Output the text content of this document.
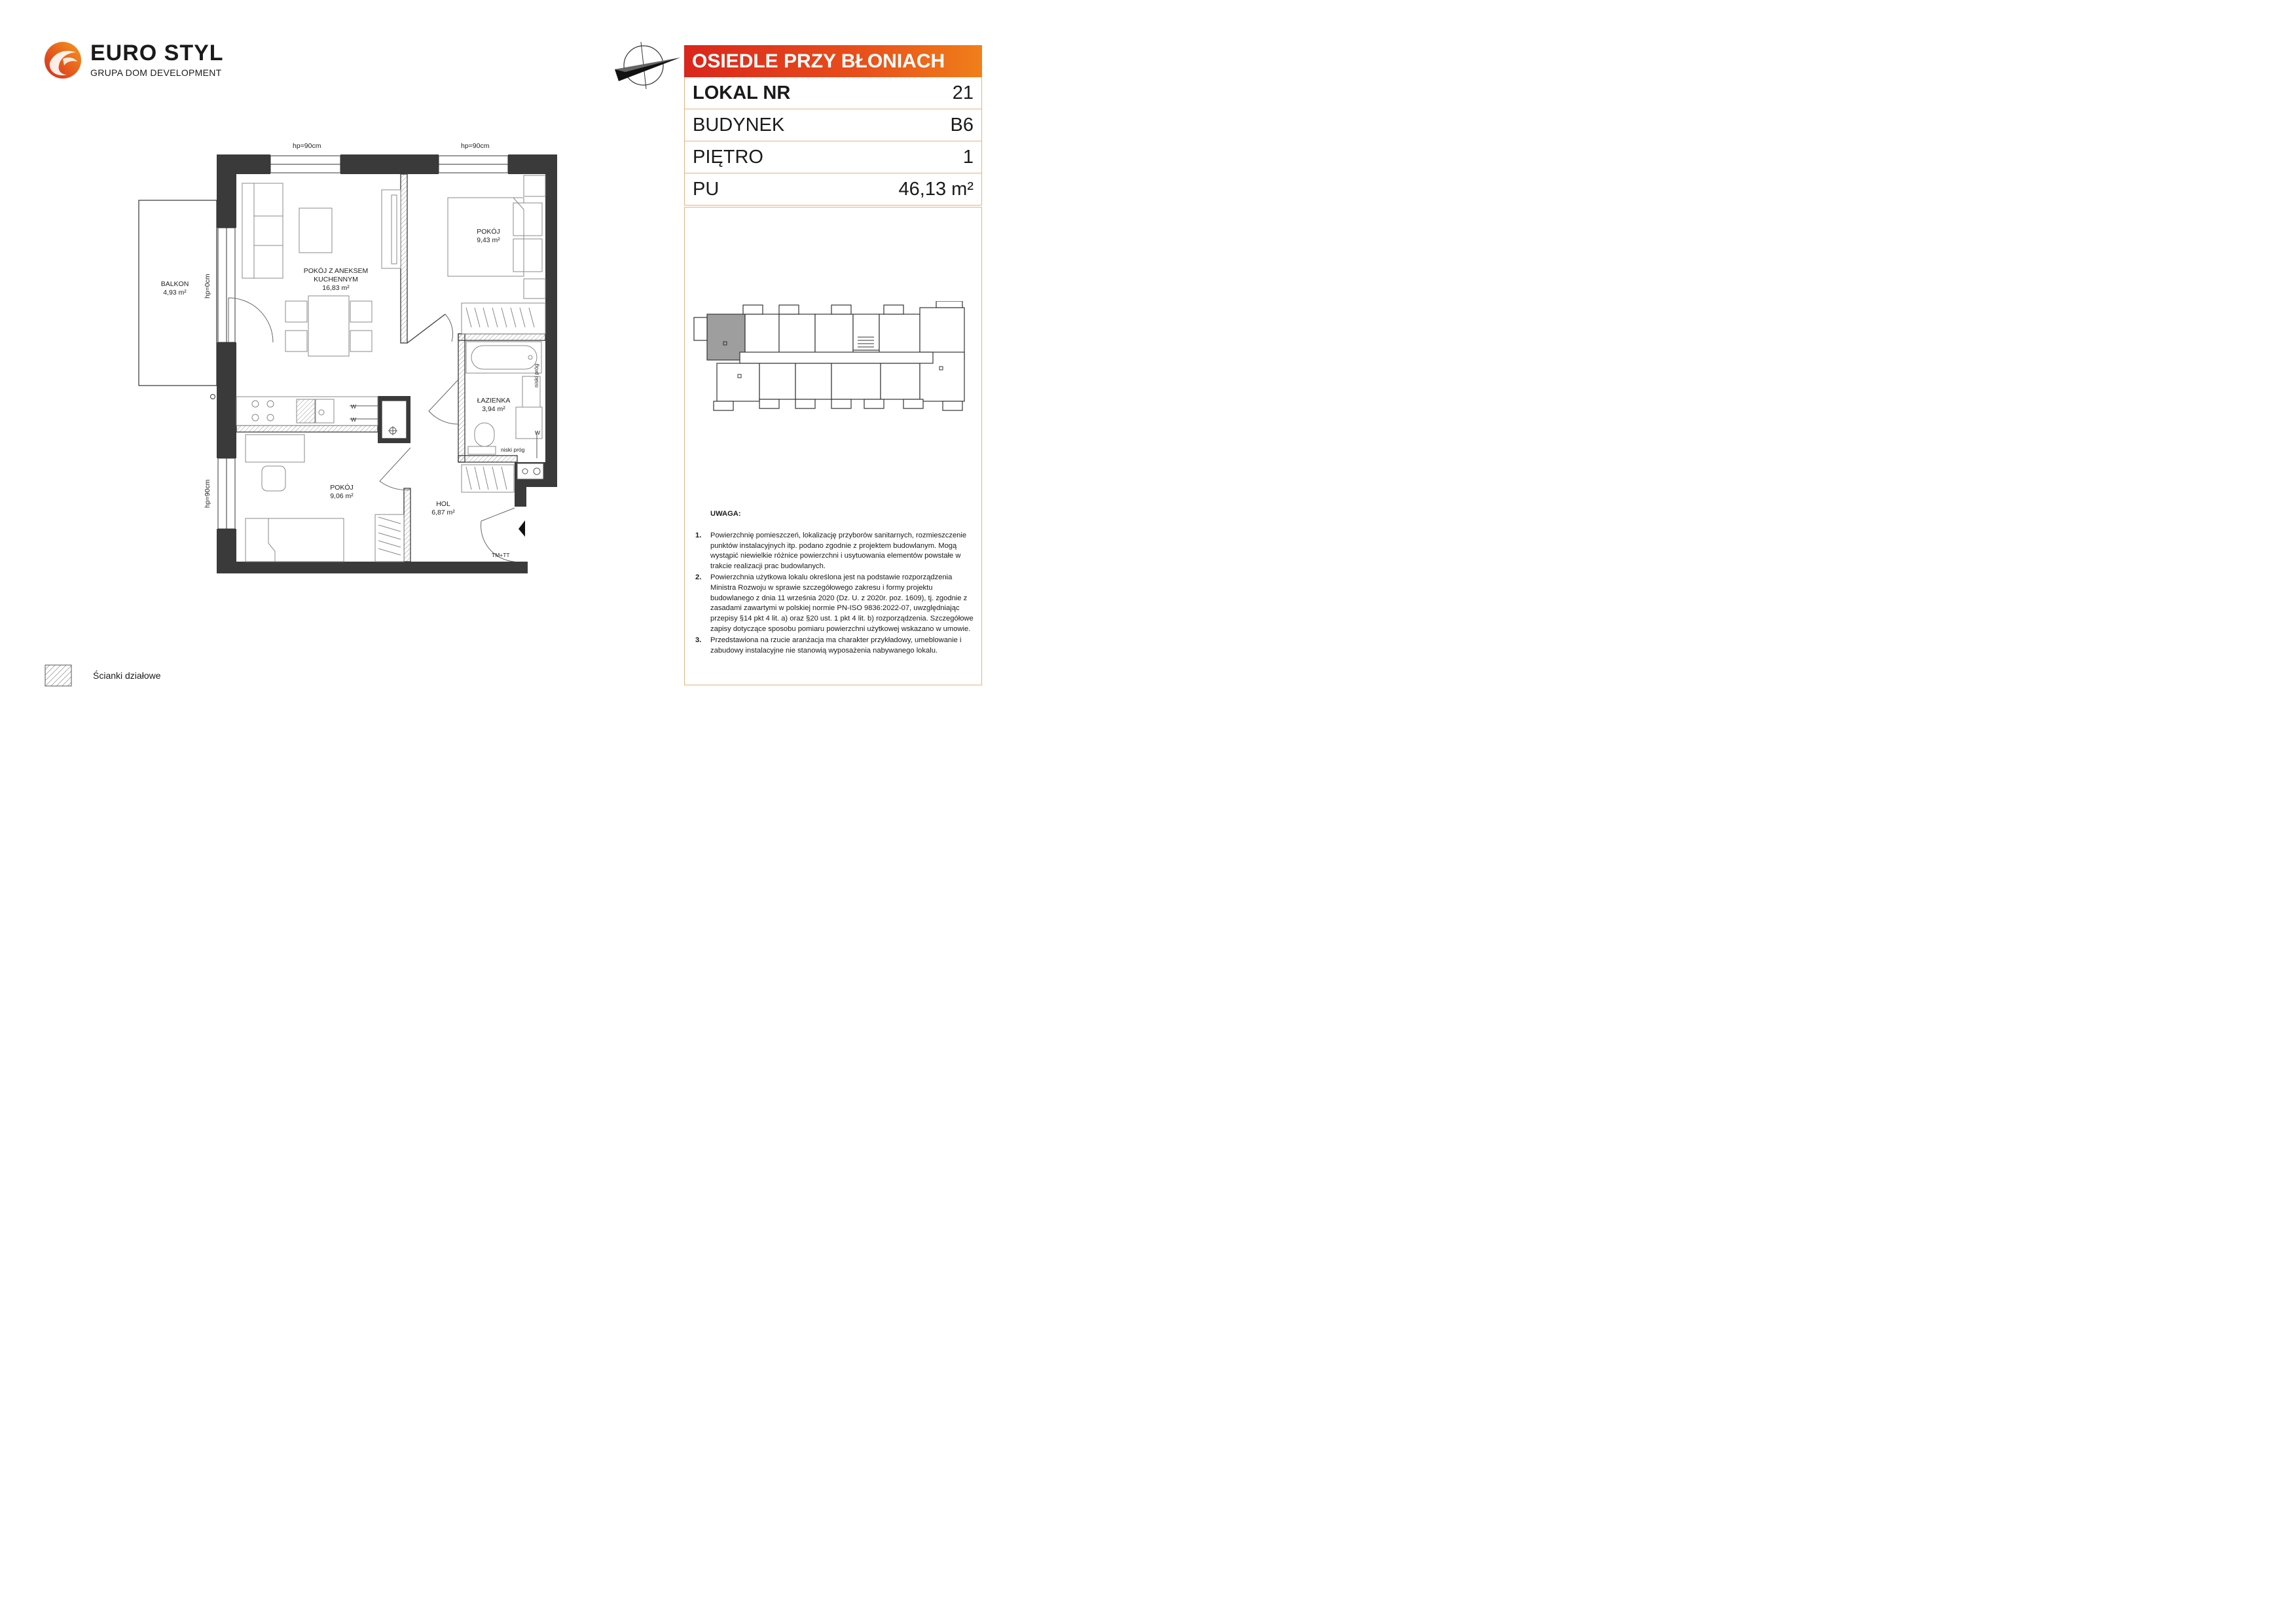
EURO STYL
GRUPA DOM DEVELOPMENT
OSIEDLE PRZY BŁONIACH
LOKAL NR	21
BUDYNEK	B6
PIĘTRO	1
PU	46,13 m²
UWAGA:
1.	Powierzchnię pomieszczeń, lokalizację przyborów sanitarnych, rozmieszczenie punktów instalacyjnych itp. podano zgodnie z projektem budowlanym. Mogą wystąpić niewielkie różnice powierzchni i usytuowania elementów powstałe w trakcie realizacji prac budowlanych.
2.	Powierzchnia użytkowa lokalu określona jest na podstawie rozporządzenia Ministra Rozwoju w sprawie szczegółowego zakresu i formy projektu budowlanego z dnia 11 września 2020 (Dz. U. z 2020r. poz. 1609), tj. zgodnie z zasadami zawartymi w polskiej normie PN-ISO 9836:2022-07, uwzględniając przepisy §14 pkt 4 lit. a) oraz §20 ust. 1 pkt 4 lit. b) rozporządzenia. Szczegółowe zapisy dotyczące sposobu pomiaru powierzchni użytkowej wskazano w umowie.
3.	Przedstawiona na rzucie aranżacja ma charakter przykładowy, umeblowanie i zabudowy instalacyjne nie stanowią wyposażenia nabywanego lokalu.
Ścianki działowe
hp=90cm	hp=90cm
hp=0cm
hp=90cm
BALKON
4,93 m²
POKÓJ Z ANEKSEM
KUCHENNYM
16,83 m²
POKÓJ
9,43 m²
ŁAZIENKA
3,94 m²
POKÓJ
9,06 m²
HOL
6,87 m²
niski próg
niski próg
TM+TT
W
W
W
